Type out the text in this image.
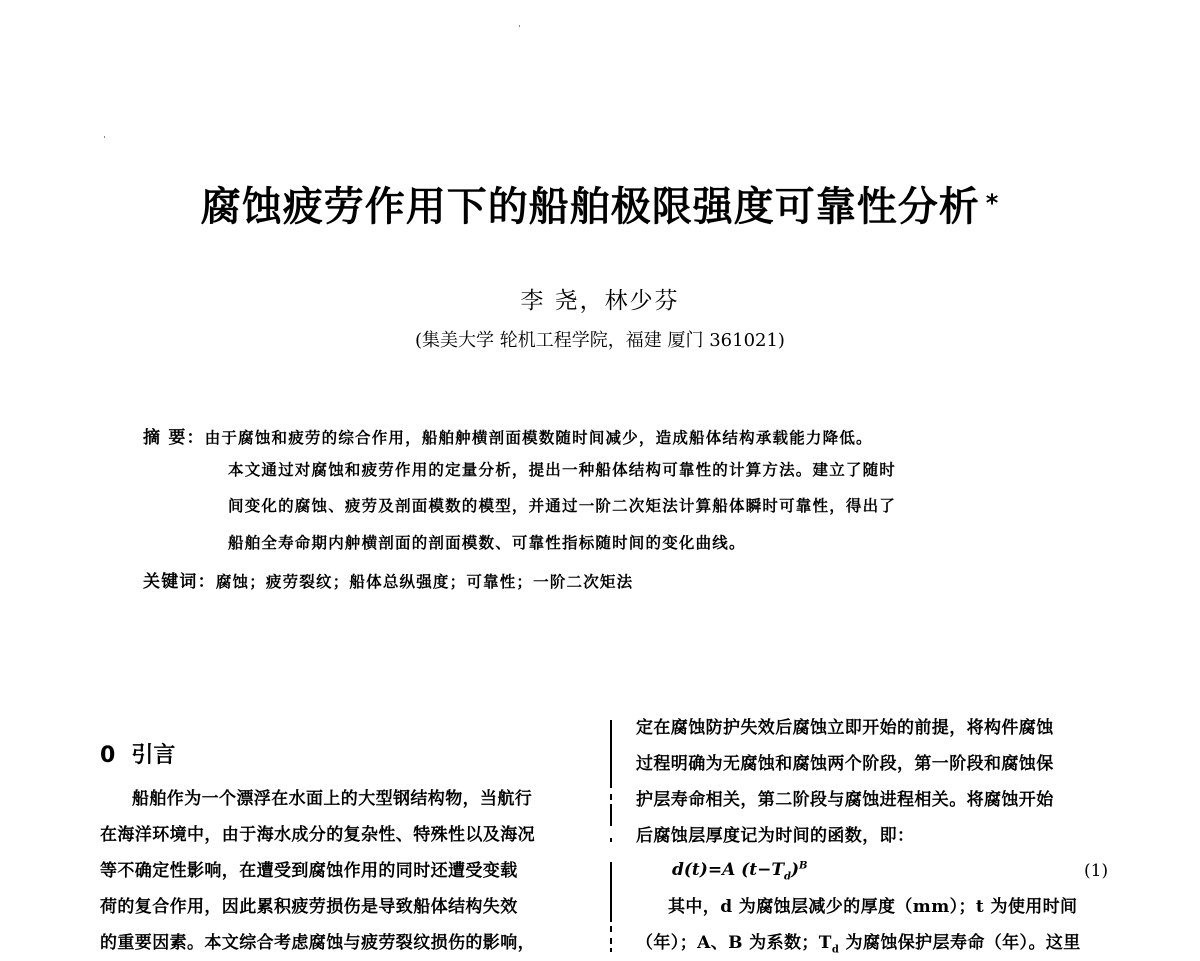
腐蚀疲劳作用下的船舶极限强度可靠性分析 *
李 尧，林少芬
(集美大学 轮机工程学院，福建 厦门 361021)
摘 要：由于腐蚀和疲劳的综合作用，船舶舯横剖面模数随时间减少，造成船体结构承载能力降低。
本文通过对腐蚀和疲劳作用的定量分析，提出一种船体结构可靠性的计算方法。建立了随时
间变化的腐蚀、疲劳及剖面模数的模型，并通过一阶二次矩法计算船体瞬时可靠性，得出了
船舶全寿命期内舯横剖面的剖面模数、可靠性指标随时间的变化曲线。
关键词：腐蚀；疲劳裂纹；船体总纵强度；可靠性；一阶二次矩法
0 引言
船舶作为一个漂浮在水面上的大型钢结构物，当航行
在海洋环境中，由于海水成分的复杂性、特殊性以及海况
等不确定性影响，在遭受到腐蚀作用的同时还遭受变载
荷的复合作用，因此累积疲劳损伤是导致船体结构失效
的重要因素。本文综合考虑腐蚀与疲劳裂纹损伤的影响，
定在腐蚀防护失效后腐蚀立即开始的前提，将构件腐蚀
过程明确为无腐蚀和腐蚀两个阶段，第一阶段和腐蚀保
护层寿命相关，第二阶段与腐蚀进程相关。将腐蚀开始
后腐蚀层厚度记为时间的函数，即：
d(t)=A $(t-T_d)^B$	(1)
其中，d 为腐蚀层减少的厚度（mm）；t 为使用时间
（年）；A、B 为系数；$T_d$ 为腐蚀保护层寿命（年）。这里
